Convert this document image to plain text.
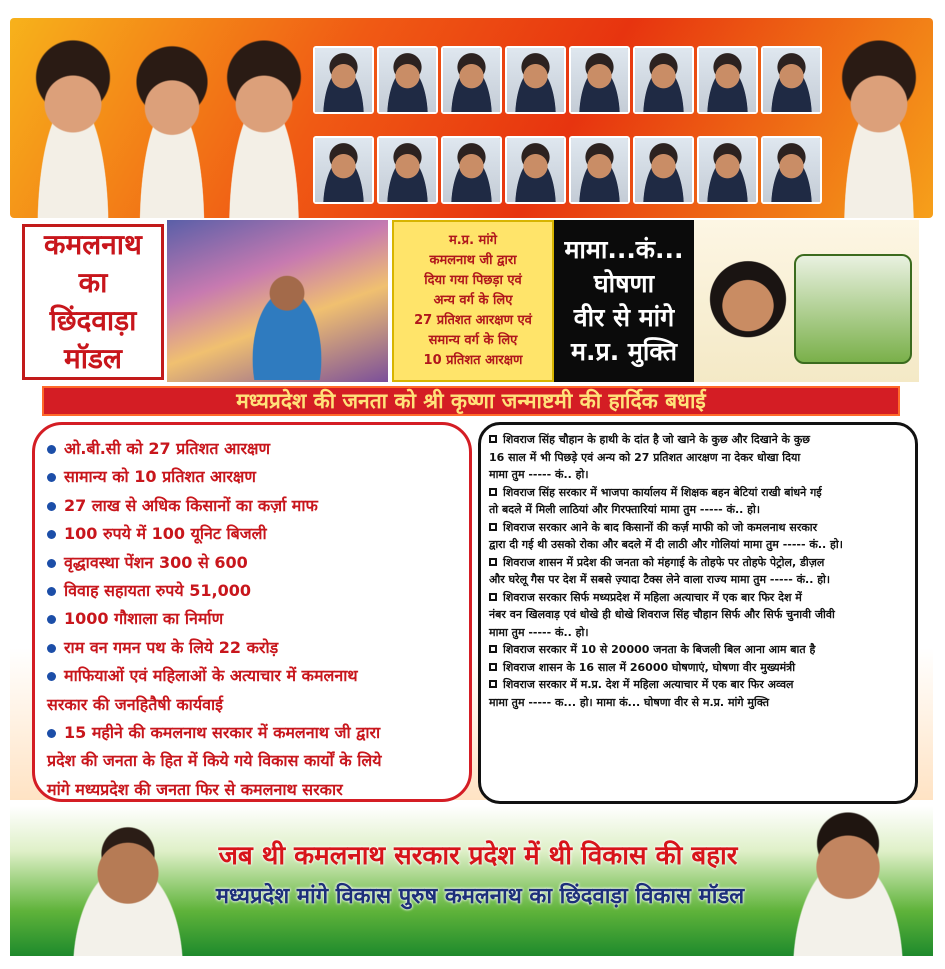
कमलनाथ
का
छिंदवाड़ा
मॉडल
म.प्र. मांगे
कमलनाथ जी द्वारा
दिया गया पिछड़ा एवं
अन्य वर्ग के लिए
27 प्रतिशत आरक्षण एवं
समान्य वर्ग के लिए
10 प्रतिशत आरक्षण
मामा...कं...
घोषणा
वीर से मांगे
म.प्र. मुक्ति
मध्यप्रदेश की जनता को श्री कृष्णा जन्माष्टमी की हार्दिक बधाई
ओ.बी.सी को 27 प्रतिशत आरक्षण
सामान्य को 10 प्रतिशत आरक्षण
27 लाख से अधिक किसानों का कर्ज़ा माफ
100 रुपये में 100 यूनिट बिजली
वृद्धावस्था पेंशन 300 से 600
विवाह सहायता रुपये 51,000
1000 गौशाला का निर्माण
राम वन गमन पथ के लिये 22 करोड़
माफियाओं एवं महिलाओं के अत्याचार में कमलनाथ
सरकार की जनहितैषी कार्यवाई
15 महीने की कमलनाथ सरकार में कमलनाथ जी द्वारा
प्रदेश की जनता के हित में किये गये विकास कार्यों के लिये
मांगे मध्यप्रदेश की जनता फिर से कमलनाथ सरकार
शिवराज सिंह चौहान के हाथी के दांत है जो खाने के कुछ और दिखाने के कुछ
16 साल में भी पिछड़े एवं अन्य को 27 प्रतिशत आरक्षण ना देकर धोखा दिया
मामा तुम ----- कं.. हो।
शिवराज सिंह सरकार में भाजपा कार्यालय में शिक्षक बहन बेटियां राखी बांधने गई
तो बदले में मिली लाठियां और गिरफ्तारियां मामा तुम ----- कं.. हो।
शिवराज सरकार आने के बाद किसानों की कर्ज़ माफी को जो कमलनाथ सरकार
द्वारा दी गई थी उसको रोका और बदले में दी लाठी और गोलियां मामा तुम ----- कं.. हो।
शिवराज शासन में प्रदेश की जनता को मंहगाई के तोहफे पर तोहफे पेट्रोल, डीज़ल
और घरेलू गैस पर देश में सबसे ज़्यादा टैक्स लेने वाला राज्य मामा तुम ----- कं.. हो।
शिवराज सरकार सिर्फ मध्यप्रदेश में महिला अत्याचार में एक बार फिर देश में
नंबर वन खिलवाड़ एवं धोखे ही धोखे शिवराज सिंह चौहान सिर्फ और सिर्फ चुनावी जीवी
मामा तुम ----- कं.. हो।
शिवराज सरकार में 10 से 20000 जनता के बिजली बिल आना आम बात है
शिवराज शासन के 16 साल में 26000 घोषणाएं, घोषणा वीर मुख्यमंत्री
शिवराज सरकार में म.प्र. देश में महिला अत्याचार में एक बार फिर अव्वल
मामा तुम ----- क... हो। मामा कं... घोषणा वीर से म.प्र. मांगे मुक्ति
जब थी कमलनाथ सरकार प्रदेश में थी विकास की बहार
मध्यप्रदेश मांगे विकास पुरुष कमलनाथ का छिंदवाड़ा विकास मॉडल
